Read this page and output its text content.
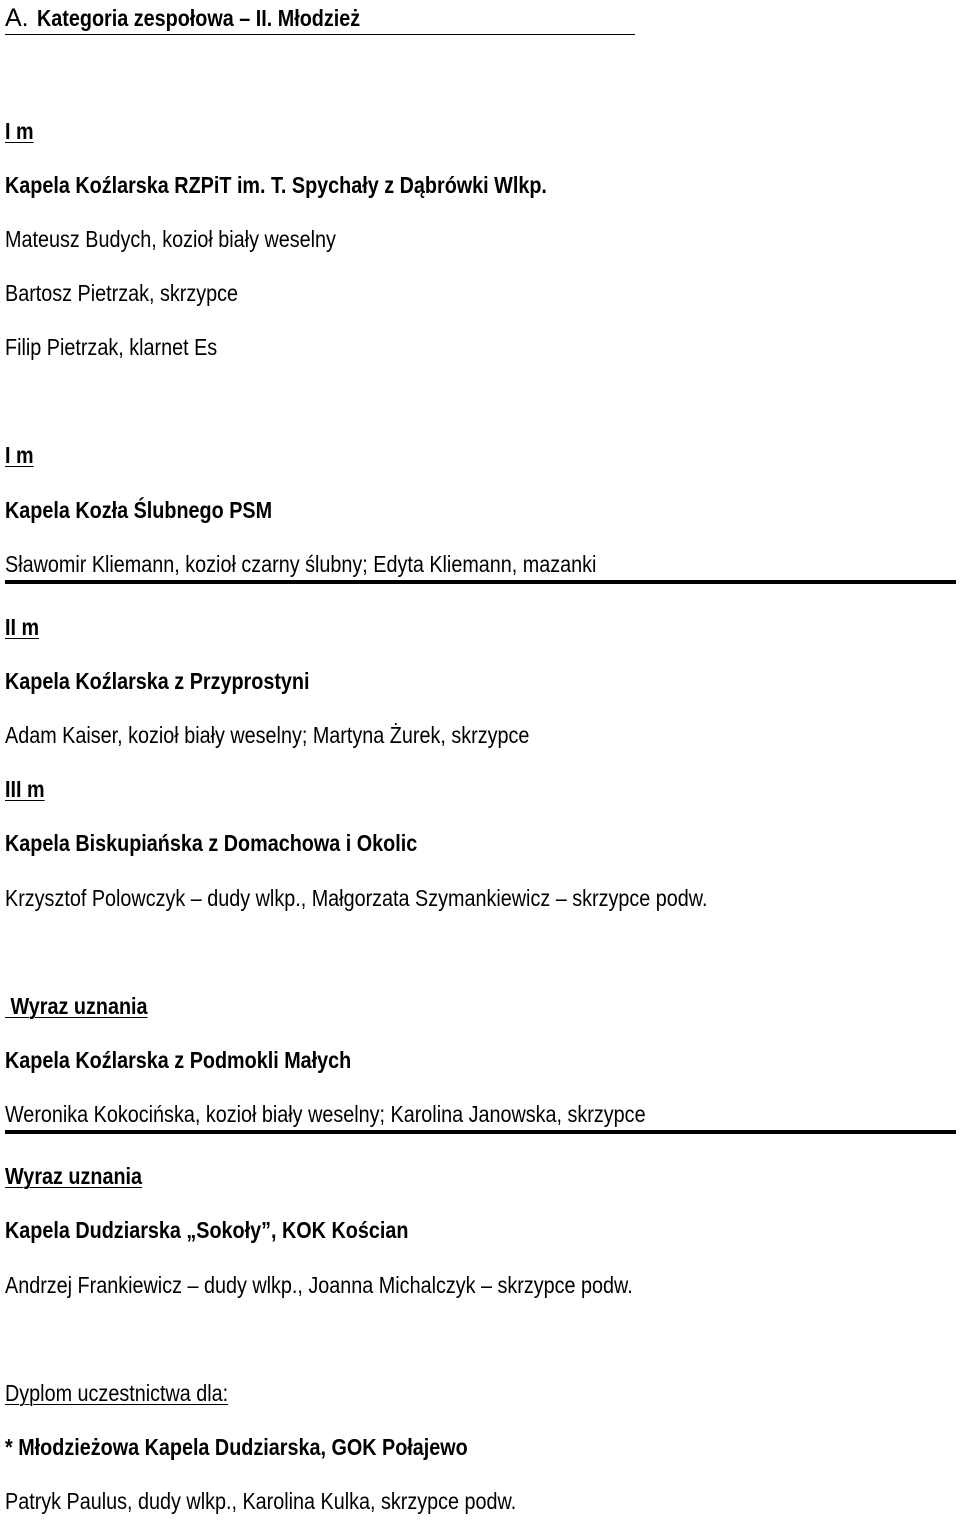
A. Kategoria zespołowa – II. Młodzież
I m
Kapela Koźlarska RZPiT im. T. Spychały z Dąbrówki Wlkp.
Mateusz Budych, kozioł biały weselny
Bartosz Pietrzak, skrzypce
Filip Pietrzak, klarnet Es
I m
Kapela Kozła Ślubnego PSM
Sławomir Kliemann, kozioł czarny ślubny; Edyta Kliemann, mazanki
II m
Kapela Koźlarska z Przyprostyni
Adam Kaiser, kozioł biały weselny; Martyna Żurek, skrzypce
III m
Kapela Biskupiańska z Domachowa i Okolic
Krzysztof Polowczyk – dudy wlkp., Małgorzata Szymankiewicz – skrzypce podw.
Wyraz uznania
Kapela Koźlarska z Podmokli Małych
Weronika Kokocińska, kozioł biały weselny; Karolina Janowska, skrzypce
Wyraz uznania
Kapela Dudziarska „Sokoły”, KOK Kościan
Andrzej Frankiewicz – dudy wlkp., Joanna Michalczyk – skrzypce podw.
Dyplom uczestnictwa dla:
* Młodzieżowa Kapela Dudziarska, GOK Połajewo
Patryk Paulus, dudy wlkp., Karolina Kulka, skrzypce podw.
